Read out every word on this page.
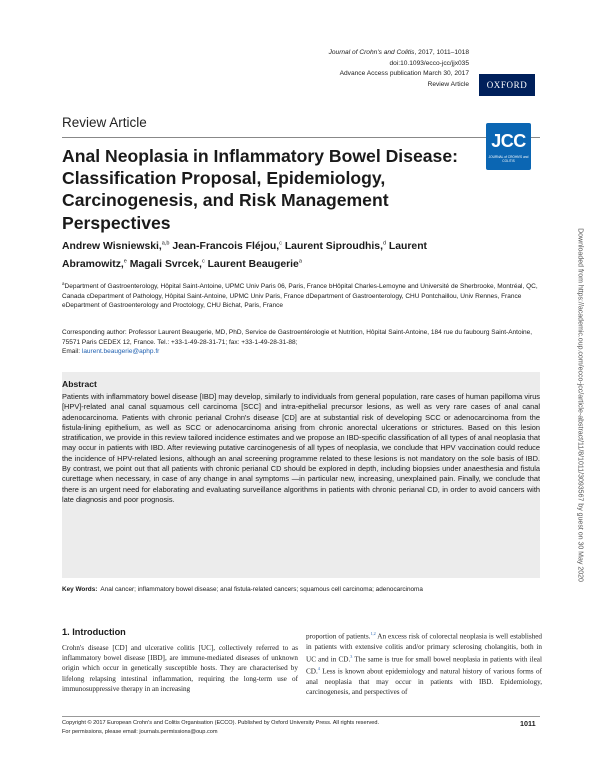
Journal of Crohn's and Colitis, 2017, 1011–1018
doi:10.1093/ecco-jcc/jjx035
Advance Access publication March 30, 2017
Review Article	OXFORD
Review Article
JCC
JOURNAL of CROHN'S and COLITIS
Anal Neoplasia in Inflammatory Bowel Disease: Classification Proposal, Epidemiology, Carcinogenesis, and Risk Management Perspectives
Andrew Wisniewski,$^{a,b}$ Jean-Francois Fléjou,$^c$ Laurent Siproudhis,$^d$ Laurent Abramowitz,$^e$ Magali Svrcek,$^c$ Laurent Beaugerie$^a$
$^a$Department of Gastroenterology, Hôpital Saint-Antoine, UPMC Univ Paris 06, Paris, France bHôpital Charles-Lemoyne and Université de Sherbrooke, Montréal, QC, Canada cDepartment of Pathology, Hôpital Saint-Antoine, UPMC Univ Paris, France dDepartment of Gastroenterology, CHU Pontchaillou, Univ Rennes, France eDepartment of Gastroenterology and Proctology, CHU Bichat, Paris, France
Corresponding author: Professor Laurent Beaugerie, MD, PhD, Service de Gastroentérologie et Nutrition, Hôpital Saint-Antoine, 184 rue du faubourg Saint-Antoine, 75571 Paris CEDEX 12, France. Tel.: +33-1-49-28-31-71; fax: +33-1-49-28-31-88;
Email: laurent.beaugerie@aphp.fr
Abstract
Patients with inflammatory bowel disease [IBD] may develop, similarly to individuals from general population, rare cases of human papilloma virus [HPV]-related anal canal squamous cell carcinoma [SCC] and intra-epithelial precursor lesions, as well as very rare cases of anal canal adenocarcinoma. Patients with chronic perianal Crohn's disease [CD] are at substantial risk of developing SCC or adenocarcinoma from the fistula-lining epithelium, as well as SCC or adenocarcinoma arising from chronic anorectal ulcerations or strictures. Based on this lesion stratification, we provide in this review tailored incidence estimates and we propose an IBD-specific classification of all types of anal neoplasia that may occur in patients with IBD. After reviewing putative carcinogenesis of all types of neoplasia, we conclude that HPV vaccination could reduce the incidence of HPV-related lesions, although an anal screening programme related to these lesions is not mandatory on the sole basis of IBD. By contrast, we point out that all patients with chronic perianal CD should be explored in depth, including biopsies under anaesthesia and fistula curettage when necessary, in case of any change in anal symptoms —in particular new, increasing, unexplained pain. Finally, we conclude that there is an urgent need for elaborating and evaluating surveillance algorithms in patients with chronic perianal CD, in order to avoid cancers with late diagnosis and poor prognosis.
Key Words: Anal cancer; inflammatory bowel disease; anal fistula-related cancers; squamous cell carcinoma; adenocarcinoma
1. Introduction
Crohn's disease [CD] and ulcerative colitis [UC], collectively referred to as inflammatory bowel disease [IBD], are immune-mediated diseases of unknown origin which occur in genetically susceptible hosts. They are characterised by lifelong relapsing intestinal inflammation, requiring the long-term use of immunosuppressive therapy in an increasing
proportion of patients.$^{1,2}$ An excess risk of colorectal neoplasia is well established in patients with extensive colitis and/or primary sclerosing cholangitis, both in UC and in CD.$^3$ The same is true for small bowel neoplasia in patients with ileal CD.$^4$ Less is known about epidemiology and natural history of various forms of anal neoplasia that may occur in patients with IBD. Epidemiology, carcinogenesis, and perspectives of
Copyright © 2017 European Crohn's and Colitis Organisation (ECCO). Published by Oxford University Press. All rights reserved.
For permissions, please email: journals.permissions@oup.com
1011
Downloaded from https://academic.oup.com/ecco-jcc/article-abstract/11/8/1011/3093567 by guest on 30 May 2020
